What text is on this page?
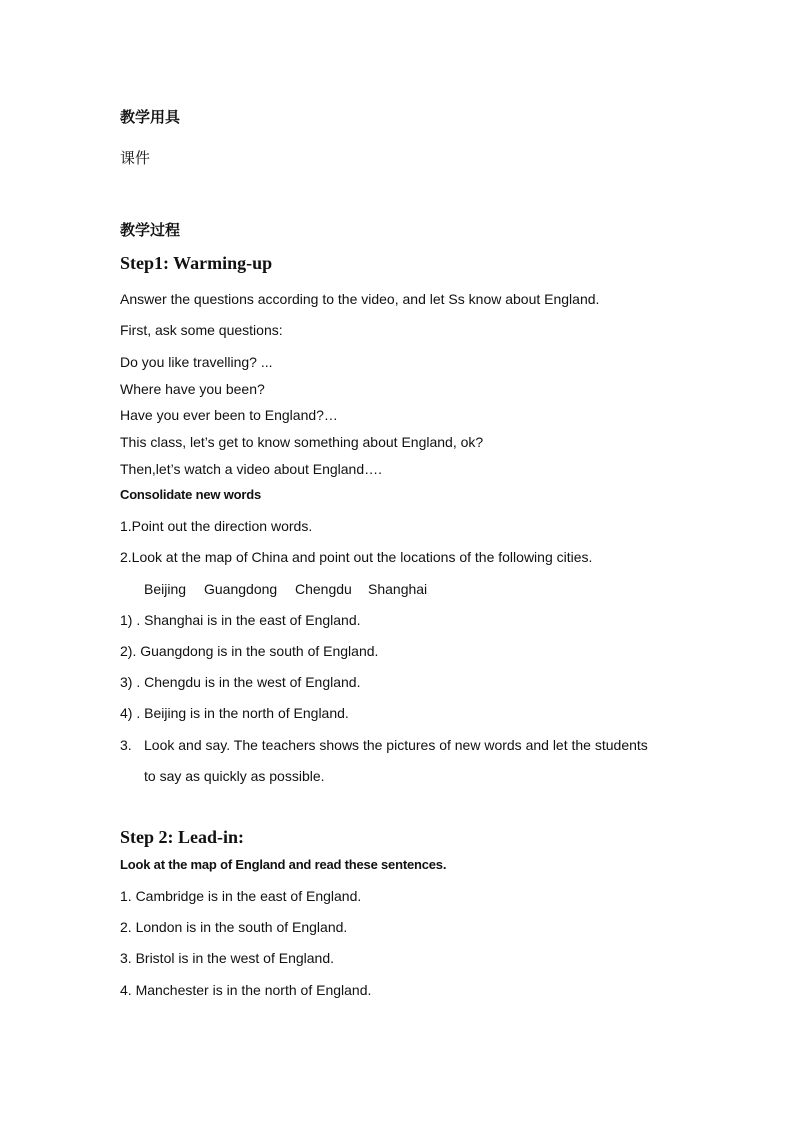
教学用具
课件
教学过程
Step1: Warming-up
Answer the questions according to the video, and let Ss know about England.
First, ask some questions:
Do you like travelling? ...
Where have you been?
Have you ever been to England?…
This class, let’s get to know something about England, ok?
Then,let’s watch a video about England….
Consolidate new words
1.Point out the direction words.
2.Look at the map of China and point out the locations of the following cities.
Beijing Guangdong Chengdu Shanghai
1) . Shanghai is in the east of England.
2). Guangdong is in the south of England.
3) . Chengdu is in the west of England.
4) . Beijing is in the north of England.
3. Look and say. The teachers shows the pictures of new words and let the students
to say as quickly as possible.
Step 2: Lead-in:
Look at the map of England and read these sentences.
1. Cambridge is in the east of England.
2. London is in the south of England.
3. Bristol is in the west of England.
4. Manchester is in the north of England.
